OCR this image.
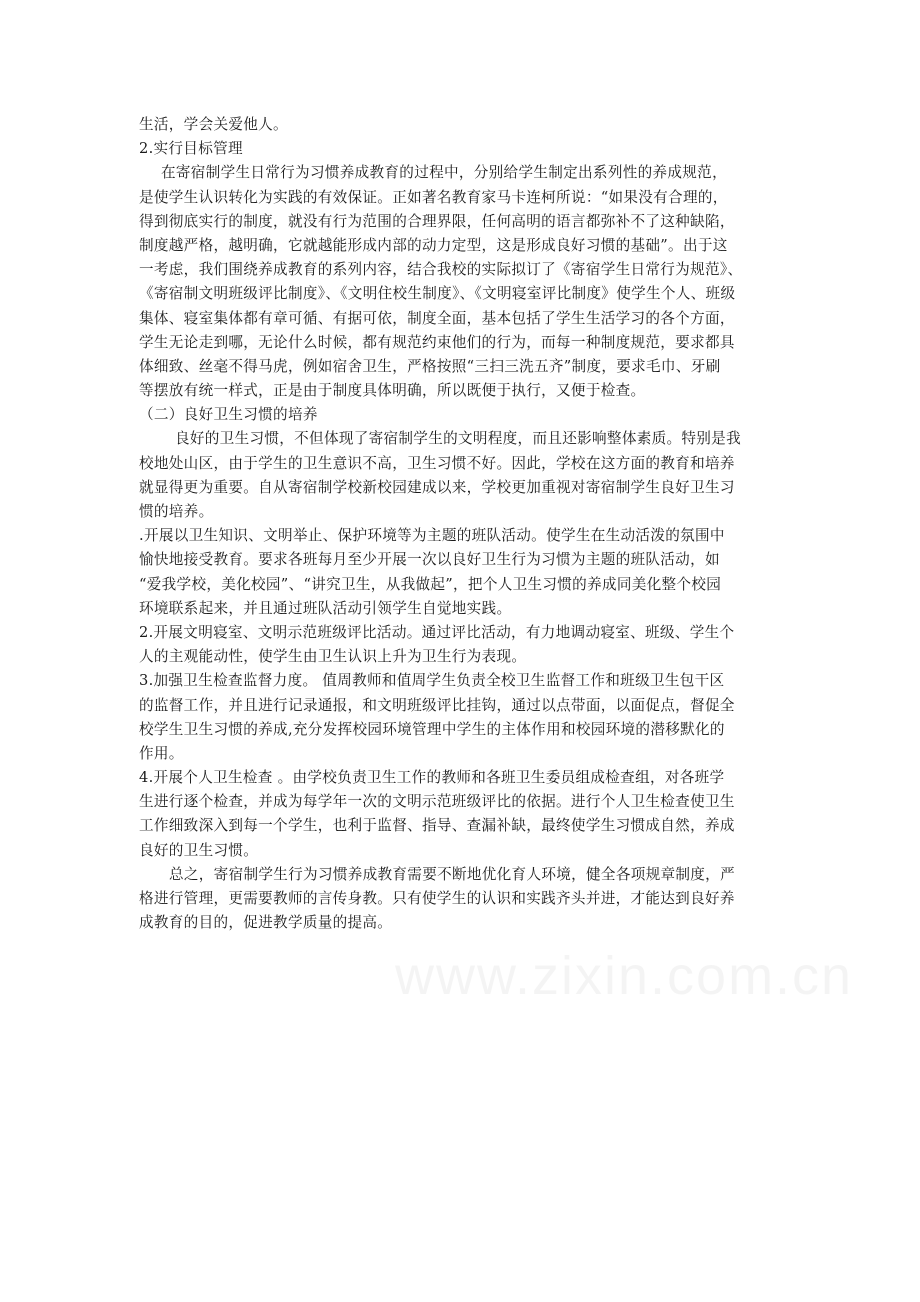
生活，学会关爱他人。
2.实行目标管理
在寄宿制学生日常行为习惯养成教育的过程中，分别给学生制定出系列性的养成规范，
是使学生认识转化为实践的有效保证。正如著名教育家马卡连柯所说：“如果没有合理的，
得到彻底实行的制度，就没有行为范围的合理界限，任何高明的语言都弥补不了这种缺陷，
制度越严格，越明确，它就越能形成内部的动力定型，这是形成良好习惯的基础”。出于这
一考虑，我们围绕养成教育的系列内容，结合我校的实际拟订了《寄宿学生日常行为规范》、
《寄宿制文明班级评比制度》、《文明住校生制度》、《文明寝室评比制度》使学生个人、班级
集体、寝室集体都有章可循、有据可依，制度全面，基本包括了学生生活学习的各个方面，
学生无论走到哪，无论什么时候，都有规范约束他们的行为，而每一种制度规范，要求都具
体细致、丝毫不得马虎，例如宿舍卫生，严格按照“三扫三洗五齐”制度，要求毛巾、牙刷
等摆放有统一样式，正是由于制度具体明确，所以既便于执行，又便于检查。
（二）良好卫生习惯的培养
良好的卫生习惯，不但体现了寄宿制学生的文明程度，而且还影响整体素质。特别是我
校地处山区，由于学生的卫生意识不高，卫生习惯不好。因此，学校在这方面的教育和培养
就显得更为重要。自从寄宿制学校新校园建成以来，学校更加重视对寄宿制学生良好卫生习
惯的培养。
.开展以卫生知识、文明举止、保护环境等为主题的班队活动。使学生在生动活泼的氛围中
愉快地接受教育。要求各班每月至少开展一次以良好卫生行为习惯为主题的班队活动，如
“爱我学校，美化校园”、“讲究卫生，从我做起”，把个人卫生习惯的养成同美化整个校园
环境联系起来，并且通过班队活动引领学生自觉地实践。
2.开展文明寝室、文明示范班级评比活动。通过评比活动，有力地调动寝室、班级、学生个
人的主观能动性，使学生由卫生认识上升为卫生行为表现。
3.加强卫生检查监督力度。 值周教师和值周学生负责全校卫生监督工作和班级卫生包干区
的监督工作，并且进行记录通报，和文明班级评比挂钩，通过以点带面，以面促点，督促全
校学生卫生习惯的养成,充分发挥校园环境管理中学生的主体作用和校园环境的潜移默化的
作用。
4.开展个人卫生检查 。由学校负责卫生工作的教师和各班卫生委员组成检查组，对各班学
生进行逐个检查，并成为每学年一次的文明示范班级评比的依据。进行个人卫生检查使卫生
工作细致深入到每一个学生，也利于监督、指导、查漏补缺，最终使学生习惯成自然，养成
良好的卫生习惯。
总之，寄宿制学生行为习惯养成教育需要不断地优化育人环境，健全各项规章制度，严
格进行管理，更需要教师的言传身教。只有使学生的认识和实践齐头并进，才能达到良好养
成教育的目的，促进教学质量的提高。
